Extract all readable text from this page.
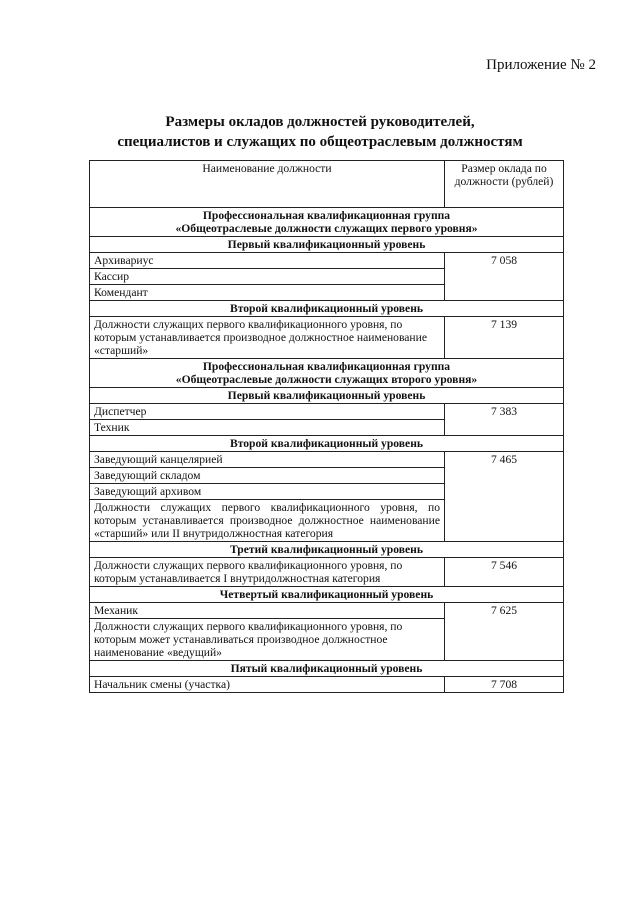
Приложение № 2
Размеры окладов должностей руководителей,
специалистов и служащих по общеотраслевым должностям
Наименование должности	Размер оклада по должности (рублей)

Профессиональная квалификационная группа
«Общеотраслевые должности служащих первого уровня»	

Первый квалификационный уровень	
Архивариус	7 058
Кассир	
Комендант	
Второй квалификационный уровень	
Должности служащих первого квалификационного уровня, по которым устанавливается производное должностное наименование «старший»	7 139

Профессиональная квалификационная группа
«Общеотраслевые должности служащих второго уровня»	

Первый квалификационный уровень	
Диспетчер	7 383
Техник	
Второй квалификационный уровень	
Заведующий канцелярией	7 465
Заведующий складом	
Заведующий архивом	
Должности служащих первого квалификационного уровня, по которым устанавливается производное должностное наименование «старший» или II внутридолжностная категория	
Третий квалификационный уровень	
Должности служащих первого квалификационного уровня, по которым устанавливается I внутридолжностная категория	7 546
Четвертый квалификационный уровень	
Механик	7 625
Должности служащих первого квалификационного уровня, по которым может устанавливаться производное должностное наименование «ведущий»	
Пятый квалификационный уровень	
Начальник смены (участка)	7 708
